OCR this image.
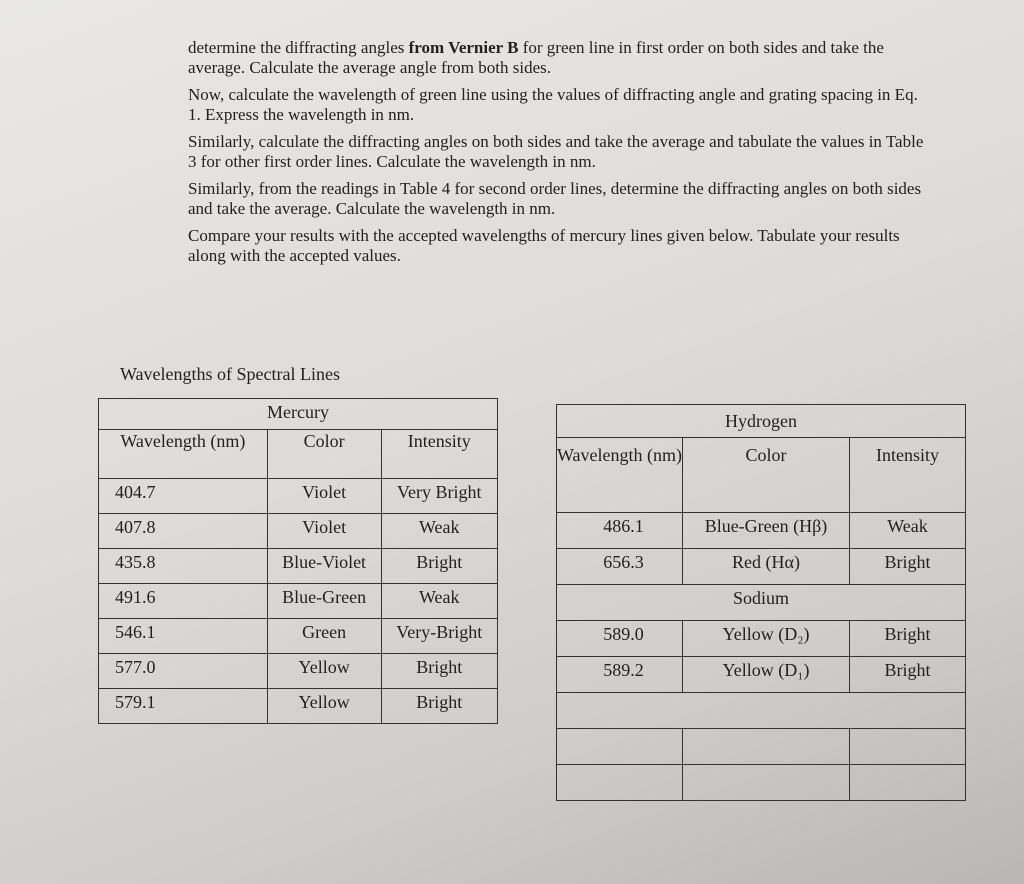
determine the diffracting angles from Vernier B for green line in first order on both sides and take the average. Calculate the average angle from both sides.

Now, calculate the wavelength of green line using the values of diffracting angle and grating spacing in Eq. 1. Express the wavelength in nm.

Similarly, calculate the diffracting angles on both sides and take the average and tabulate the values in Table 3 for other first order lines. Calculate the wavelength in nm.

Similarly, from the readings in Table 4 for second order lines, determine the diffracting angles on both sides and take the average. Calculate the wavelength in nm.

Compare your results with the accepted wavelengths of mercury lines given below. Tabulate your results along with the accepted values.

Wavelengths of Spectral Lines
Mercury		
Wavelength (nm)	Color	Intensity
404.7	Violet	Very Bright
407.8	Violet	Weak
435.8	Blue-Violet	Bright
491.6	Blue-Green	Weak
546.1	Green	Very-Bright
577.0	Yellow	Bright
579.1	Yellow	Bright
Hydrogen		
Wavelength (nm)	Color	Intensity
486.1	Blue-Green (Hβ)	Weak
656.3	Red (Hα)	Bright
Sodium		
589.0	Yellow (D₂)	Bright
589.2	Yellow (D₁)	Bright
